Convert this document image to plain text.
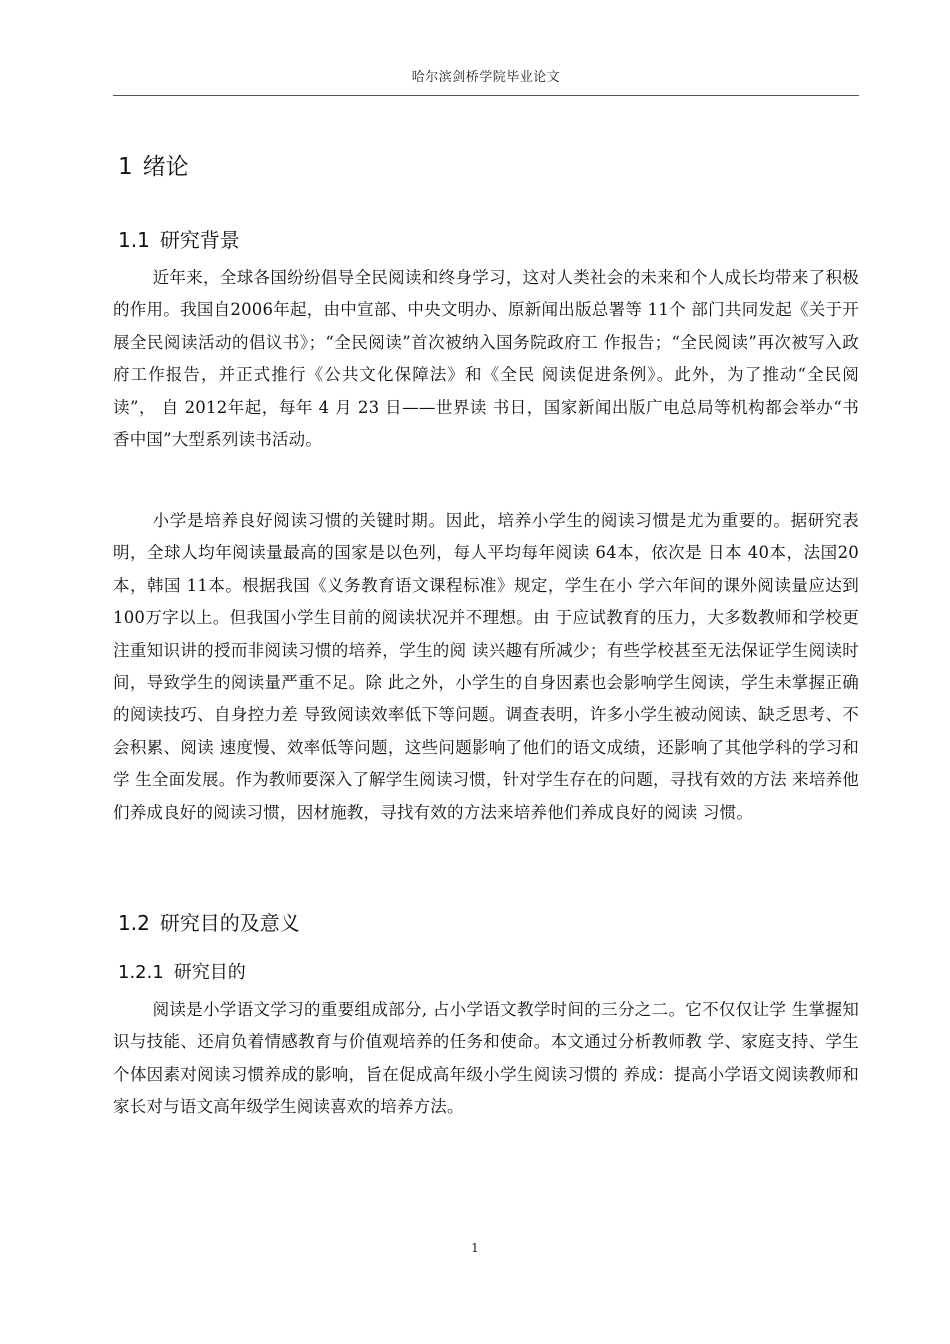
哈尔滨剑桥学院毕业论文
1 绪论
1.1 研究背景

近年来，全球各国纷纷倡导全民阅读和终身学习，这对人类社会的未来和个人成长均带来了积极的作用。我国自2006年起，由中宣部、中央文明办、原新闻出版总署等 11个 部门共同发起《关于开展全民阅读活动的倡议书》；“全民阅读”首次被纳入国务院政府工 作报告；“全民阅读”再次被写入政府工作报告，并正式推行《公共文化保障法》和《全民 阅读促进条例》。此外，为了推动“全民阅读”， 自 2012年起，每年 4 月 23 日——世界读 书日，国家新闻出版广电总局等机构都会举办“书香中国”大型系列读书活动。

小学是培养良好阅读习惯的关键时期。因此，培养小学生的阅读习惯是尤为重要的。据研究表明，全球人均年阅读量最高的国家是以色列，每人平均每年阅读 64本，依次是 日本 40本，法国20本，韩国 11本。根据我国《义务教育语文课程标准》规定，学生在小 学六年间的课外阅读量应达到 100万字以上。但我国小学生目前的阅读状况并不理想。由 于应试教育的压力，大多数教师和学校更注重知识讲的授而非阅读习惯的培养，学生的阅 读兴趣有所减少；有些学校甚至无法保证学生阅读时间，导致学生的阅读量严重不足。除 此之外，小学生的自身因素也会影响学生阅读，学生未掌握正确的阅读技巧、自身控力差 导致阅读效率低下等问题。调查表明，许多小学生被动阅读、缺乏思考、不会积累、阅读 速度慢、效率低等问题，这些问题影响了他们的语文成绩，还影响了其他学科的学习和学 生全面发展。作为教师要深入了解学生阅读习惯，针对学生存在的问题，寻找有效的方法 来培养他们养成良好的阅读习惯，因材施教，寻找有效的方法来培养他们养成良好的阅读 习惯。

1.2 研究目的及意义
1.2.1 研究目的

阅读是小学语文学习的重要组成部分, 占小学语文教学时间的三分之二。它不仅仅让学 生掌握知识与技能、还肩负着情感教育与价值观培养的任务和使命。本文通过分析教师教 学、家庭支持、学生个体因素对阅读习惯养成的影响，旨在促成高年级小学生阅读习惯的 养成：提高小学语文阅读教师和家长对与语文高年级学生阅读喜欢的培养方法。

1
